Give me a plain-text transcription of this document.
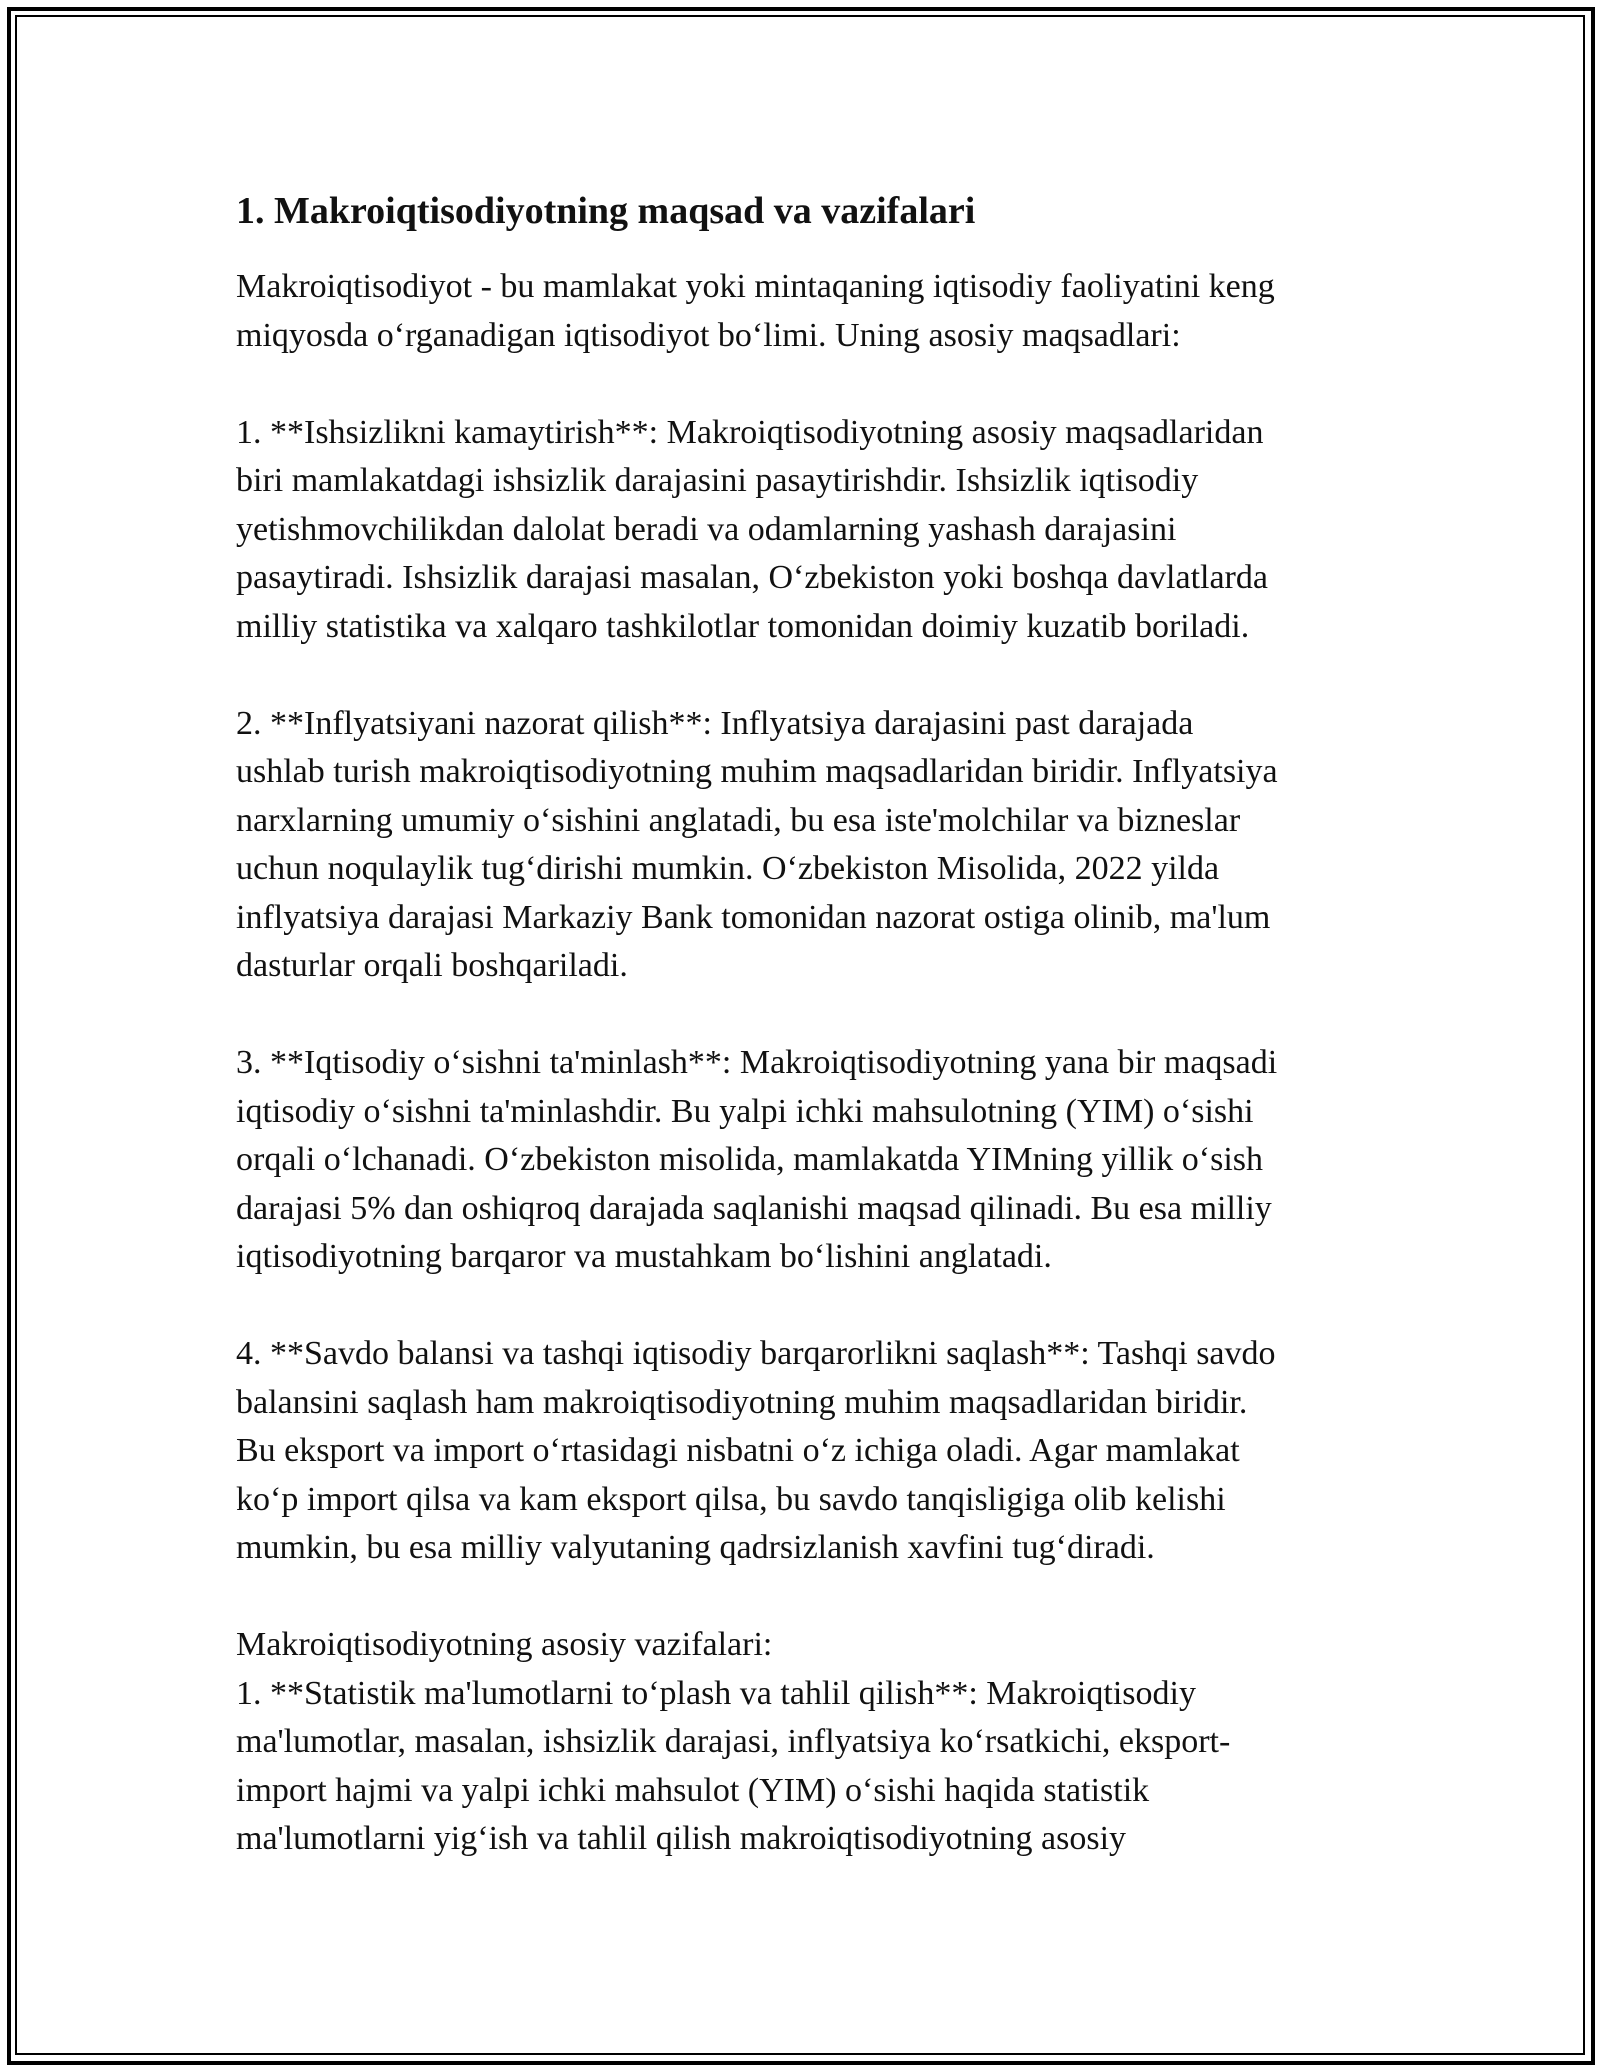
1. Makroiqtisodiyotning maqsad va vazifalari

Makroiqtisodiyot - bu mamlakat yoki mintaqaning iqtisodiy faoliyatini keng
miqyosda o‘rganadigan iqtisodiyot bo‘limi. Uning asosiy maqsadlari:

1. **Ishsizlikni kamaytirish**: Makroiqtisodiyotning asosiy maqsadlaridan
biri mamlakatdagi ishsizlik darajasini pasaytirishdir. Ishsizlik iqtisodiy
yetishmovchilikdan dalolat beradi va odamlarning yashash darajasini
pasaytiradi. Ishsizlik darajasi masalan, O‘zbekiston yoki boshqa davlatlarda
milliy statistika va xalqaro tashkilotlar tomonidan doimiy kuzatib boriladi.

2. **Inflyatsiyani nazorat qilish**: Inflyatsiya darajasini past darajada
ushlab turish makroiqtisodiyotning muhim maqsadlaridan biridir. Inflyatsiya
narxlarning umumiy o‘sishini anglatadi, bu esa iste'molchilar va bizneslar
uchun noqulaylik tug‘dirishi mumkin. O‘zbekiston Misolida, 2022 yilda
inflyatsiya darajasi Markaziy Bank tomonidan nazorat ostiga olinib, ma'lum
dasturlar orqali boshqariladi.

3. **Iqtisodiy o‘sishni ta'minlash**: Makroiqtisodiyotning yana bir maqsadi
iqtisodiy o‘sishni ta'minlashdir. Bu yalpi ichki mahsulotning (YIM) o‘sishi
orqali o‘lchanadi. O‘zbekiston misolida, mamlakatda YIMning yillik o‘sish
darajasi 5% dan oshiqroq darajada saqlanishi maqsad qilinadi. Bu esa milliy
iqtisodiyotning barqaror va mustahkam bo‘lishini anglatadi.

4. **Savdo balansi va tashqi iqtisodiy barqarorlikni saqlash**: Tashqi savdo
balansini saqlash ham makroiqtisodiyotning muhim maqsadlaridan biridir.
Bu eksport va import o‘rtasidagi nisbatni o‘z ichiga oladi. Agar mamlakat
ko‘p import qilsa va kam eksport qilsa, bu savdo tanqisligiga olib kelishi
mumkin, bu esa milliy valyutaning qadrsizlanish xavfini tug‘diradi.

Makroiqtisodiyotning asosiy vazifalari:
1. **Statistik ma'lumotlarni to‘plash va tahlil qilish**: Makroiqtisodiy
ma'lumotlar, masalan, ishsizlik darajasi, inflyatsiya ko‘rsatkichi, eksport-
import hajmi va yalpi ichki mahsulot (YIM) o‘sishi haqida statistik
ma'lumotlarni yig‘ish va tahlil qilish makroiqtisodiyotning asosiy
